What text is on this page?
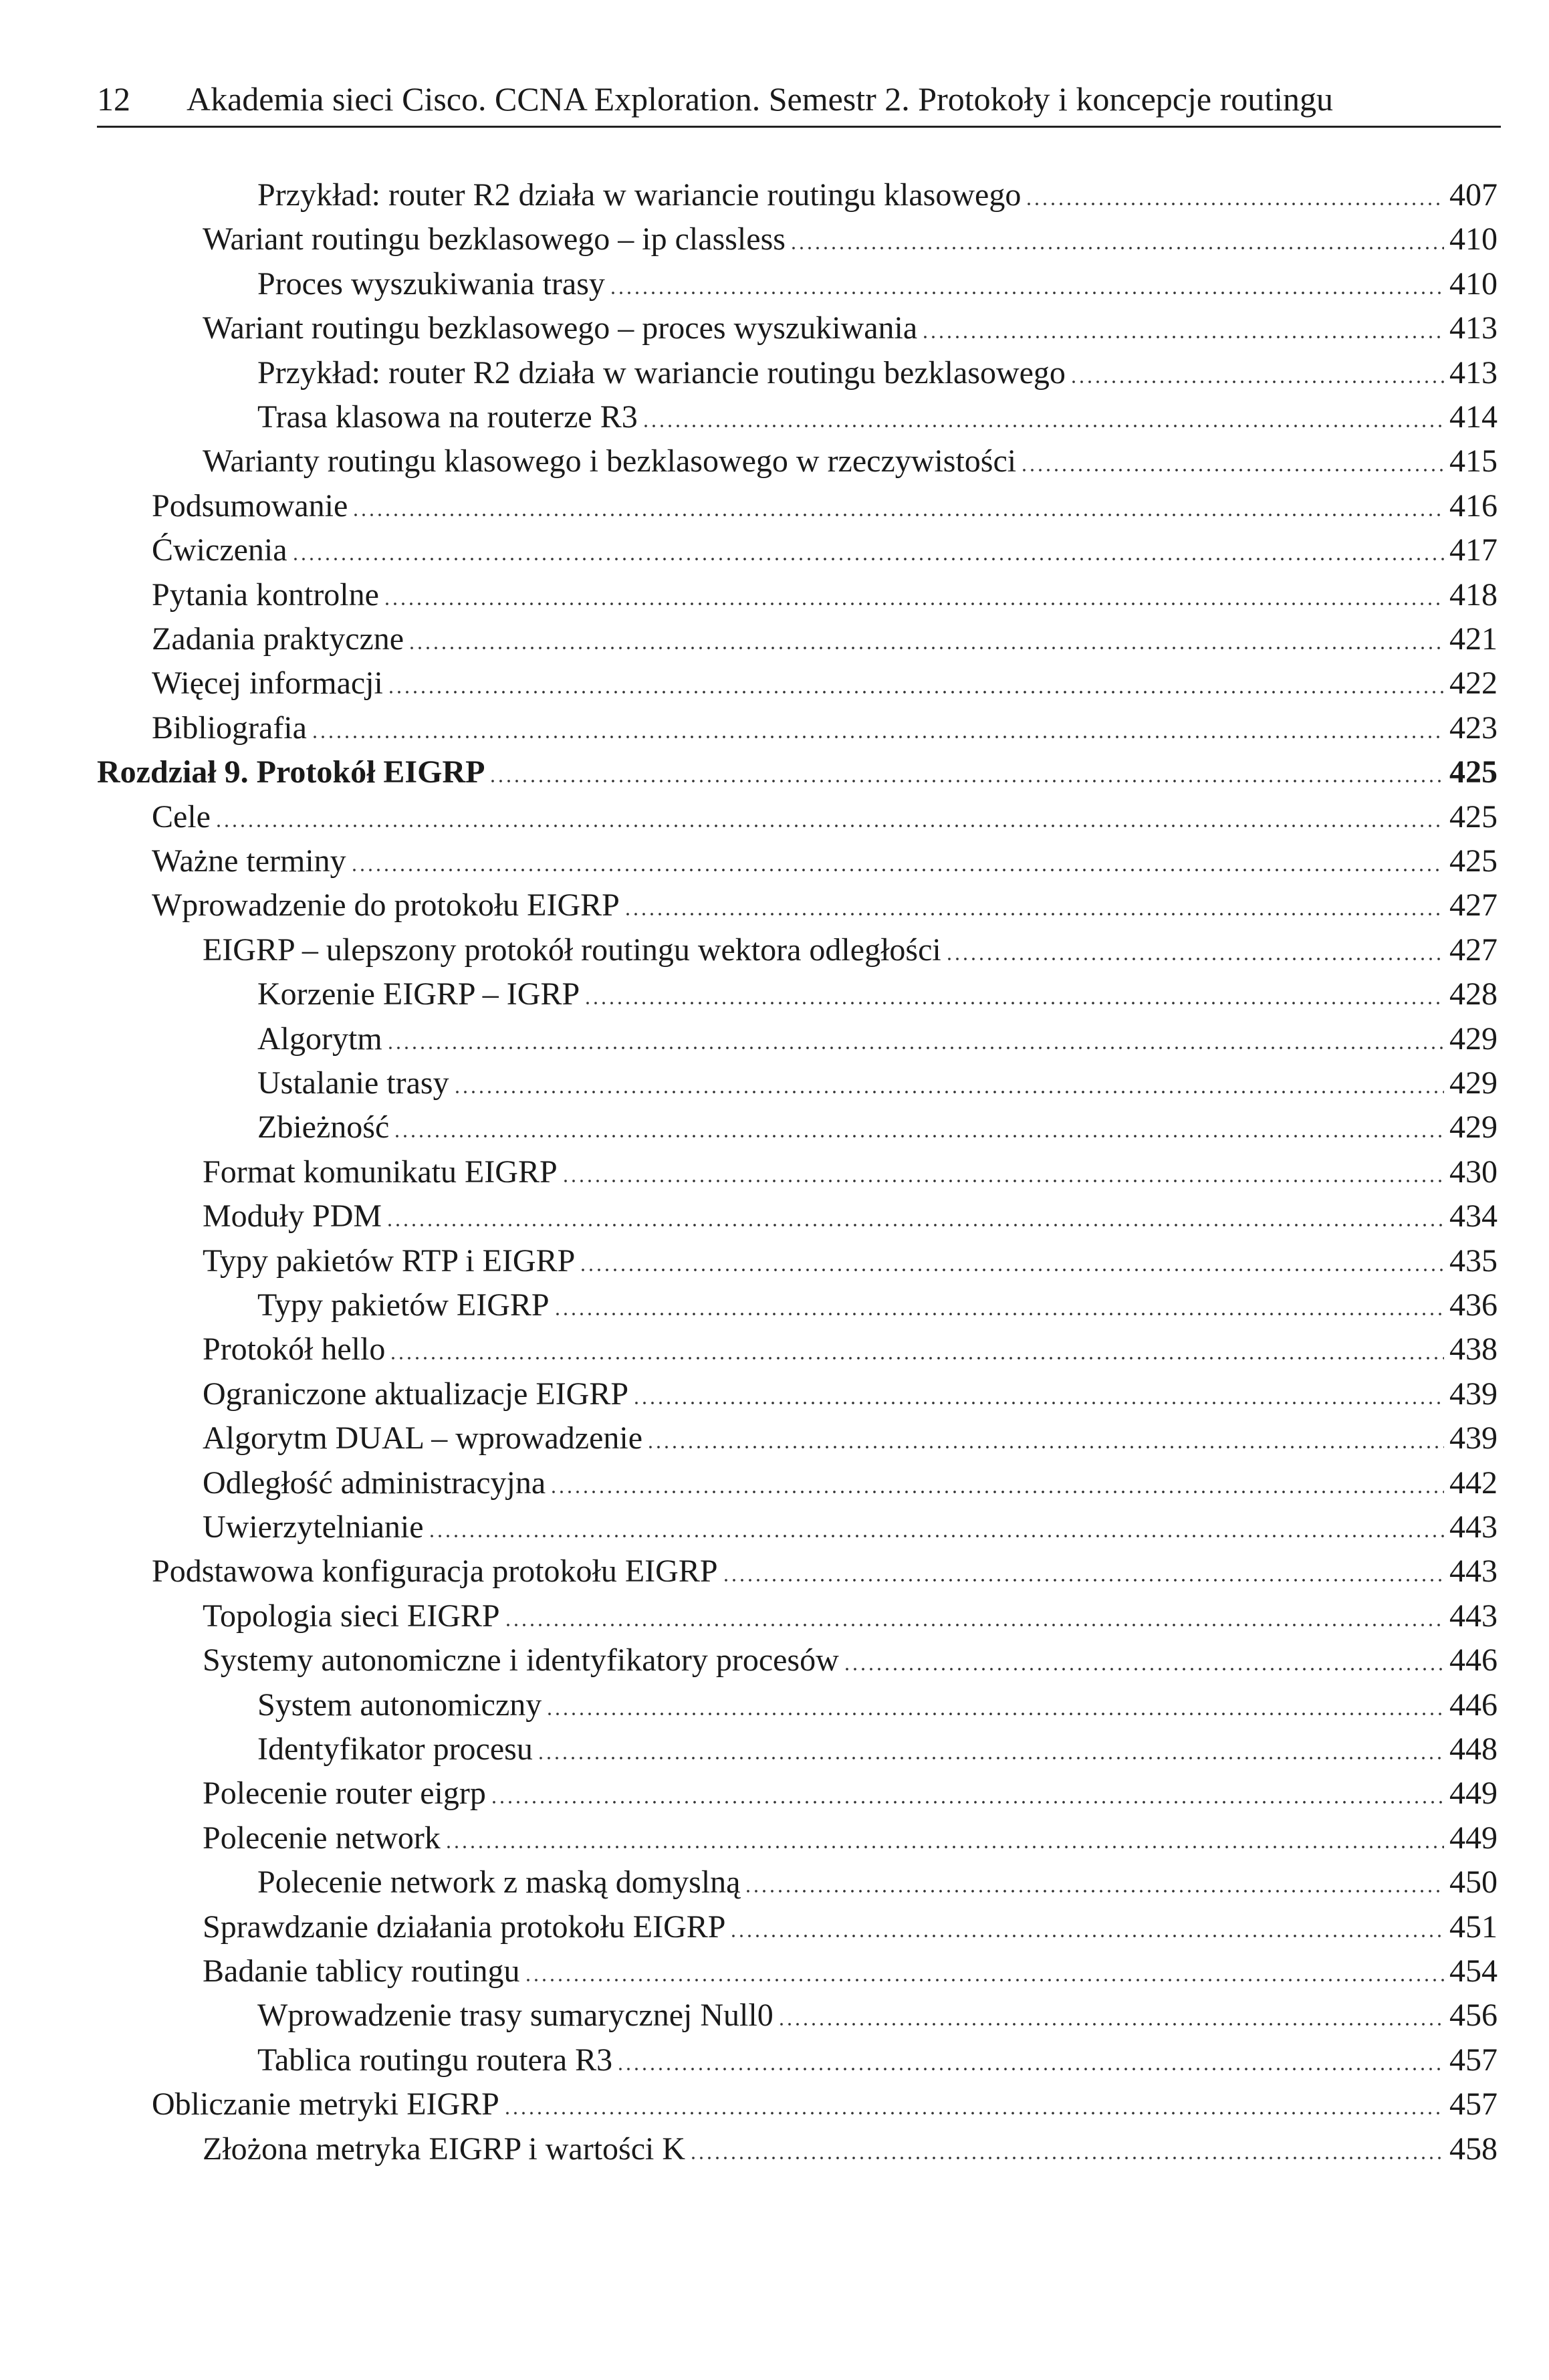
12 Akademia sieci Cisco. CCNA Exploration. Semestr 2. Protokoły i koncepcje routingu
Przykład: router R2 działa w wariancie routingu klasowego	407
Wariant routingu bezklasowego – ip classless	410
Proces wyszukiwania trasy	410
Wariant routingu bezklasowego – proces wyszukiwania	413
Przykład: router R2 działa w wariancie routingu bezklasowego	413
Trasa klasowa na routerze R3	414
Warianty routingu klasowego i bezklasowego w rzeczywistości	415
Podsumowanie	416
Ćwiczenia	417
Pytania kontrolne	418
Zadania praktyczne	421
Więcej informacji	422
Bibliografia	423
Rozdział 9. Protokół EIGRP	425
Cele	425
Ważne terminy	425
Wprowadzenie do protokołu EIGRP	427
EIGRP – ulepszony protokół routingu wektora odległości	427
Korzenie EIGRP – IGRP	428
Algorytm	429
Ustalanie trasy	429
Zbieżność	429
Format komunikatu EIGRP	430
Moduły PDM	434
Typy pakietów RTP i EIGRP	435
Typy pakietów EIGRP	436
Protokół hello	438
Ograniczone aktualizacje EIGRP	439
Algorytm DUAL – wprowadzenie	439
Odległość administracyjna	442
Uwierzytelnianie	443
Podstawowa konfiguracja protokołu EIGRP	443
Topologia sieci EIGRP	443
Systemy autonomiczne i identyfikatory procesów	446
System autonomiczny	446
Identyfikator procesu	448
Polecenie router eigrp	449
Polecenie network	449
Polecenie network z maską domyslną	450
Sprawdzanie działania protokołu EIGRP	451
Badanie tablicy routingu	454
Wprowadzenie trasy sumarycznej Null0	456
Tablica routingu routera R3	457
Obliczanie metryki EIGRP	457
Złożona metryka EIGRP i wartości K	458
